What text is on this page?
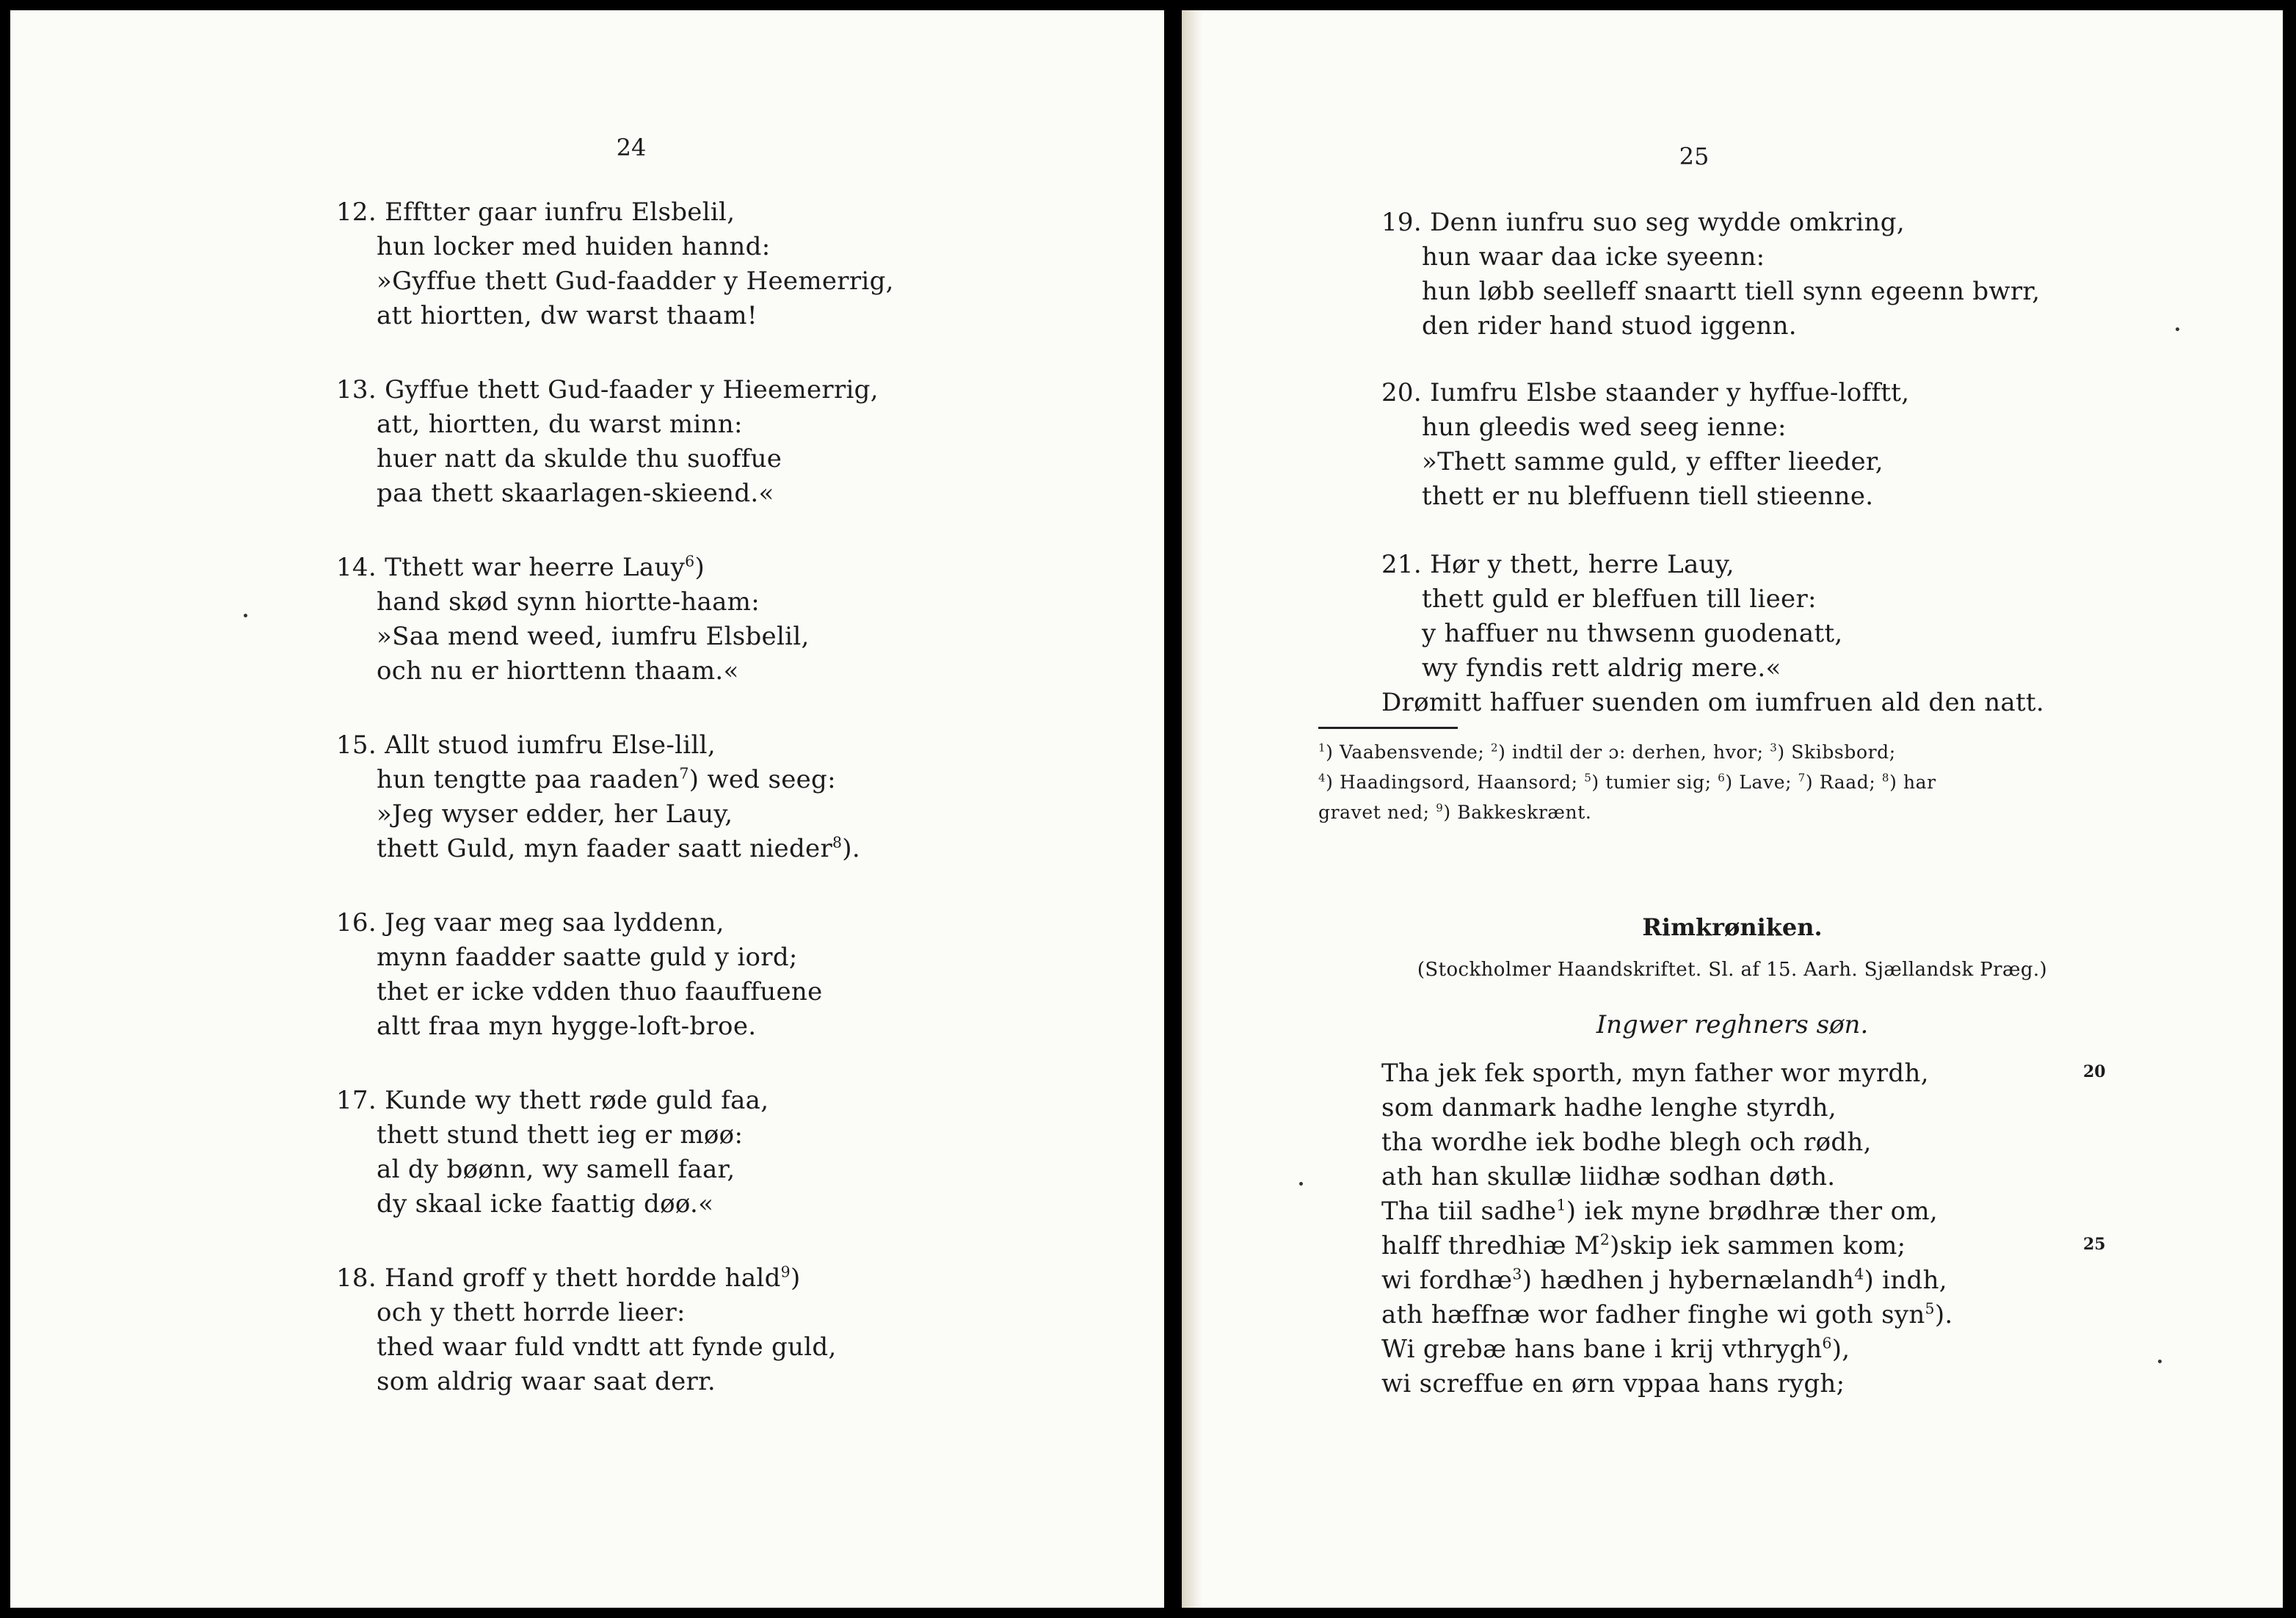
24
12. Efftter gaar iunfru Elsbelil,
hun locker med huiden hannd:
»Gyffue thett Gud-faadder y Heemerrig,
att hiortten, dw warst thaam!
13. Gyffue thett Gud-faader y Hieemerrig,
att, hiortten, du warst minn:
huer natt da skulde thu suoffue
paa thett skaarlagen-skieend.«
14. Tthett war heerre Lauy$^6$)
hand skød synn hiortte-haam:
»Saa mend weed, iumfru Elsbelil,
och nu er hiorttenn thaam.«
15. Allt stuod iumfru Else-lill,
hun tengtte paa raaden$^7$) wed seeg:
»Jeg wyser edder, her Lauy,
thett Guld, myn faader saatt nieder$^8$).
16. Jeg vaar meg saa lyddenn,
mynn faadder saatte guld y iord;
thet er icke vdden thuo faauffuene
altt fraa myn hygge-loft-broe.
17. Kunde wy thett røde guld faa,
thett stund thett ieg er møø:
al dy bøønn, wy samell faar,
dy skaal icke faattig døø.«
18. Hand groff y thett hordde hald$^9$)
och y thett horrde lieer:
thed waar fuld vndtt att fynde guld,
som aldrig waar saat derr.
25
19. Denn iunfru suo seg wydde omkring,
hun waar daa icke syeenn:
hun løbb seelleff snaartt tiell synn egeenn bwrr,
den rider hand stuod iggenn.
20. Iumfru Elsbe staander y hyffue-lofftt,
hun gleedis wed seeg ienne:
»Thett samme guld, y effter lieeder,
thett er nu bleffuenn tiell stieenne.
21. Hør y thett, herre Lauy,
thett guld er bleffuen till lieer:
y haffuer nu thwsenn guodenatt,
wy fyndis rett aldrig mere.«
Drømitt haffuer suenden om iumfruen ald den natt.
$^1$) Vaabensvende; $^2$) indtil der ɔ: derhen, hvor; $^3$) Skibsbord;
$^4$) Haadingsord, Haansord; $^5$) tumier sig; $^6$) Lave; $^7$) Raad; $^8$) har
gravet ned; $^9$) Bakkeskrænt.
Rimkrøniken.
(Stockholmer Haandskriftet. Sl. af 15. Aarh. Sjællandsk Præg.)
Ingwer reghners søn.
Tha jek fek sporth, myn father wor myrdh,
som danmark hadhe lenghe styrdh,
tha wordhe iek bodhe blegh och rødh,
ath han skullæ liidhæ sodhan døth.
Tha tiil sadhe$^1$) iek myne brødhræ ther om,
halff thredhiæ $M^2)skip$ iek sammen kom;
wi fordhæ$^3$) hædhen j hybernælandh$^4$) indh,
ath hæffnæ wor fadher finghe wi goth syn$^5$).
Wi grebæ hans bane i krij vthrygh$^6$),
wi screffue en ørn vppaa hans rygh;
20
25
